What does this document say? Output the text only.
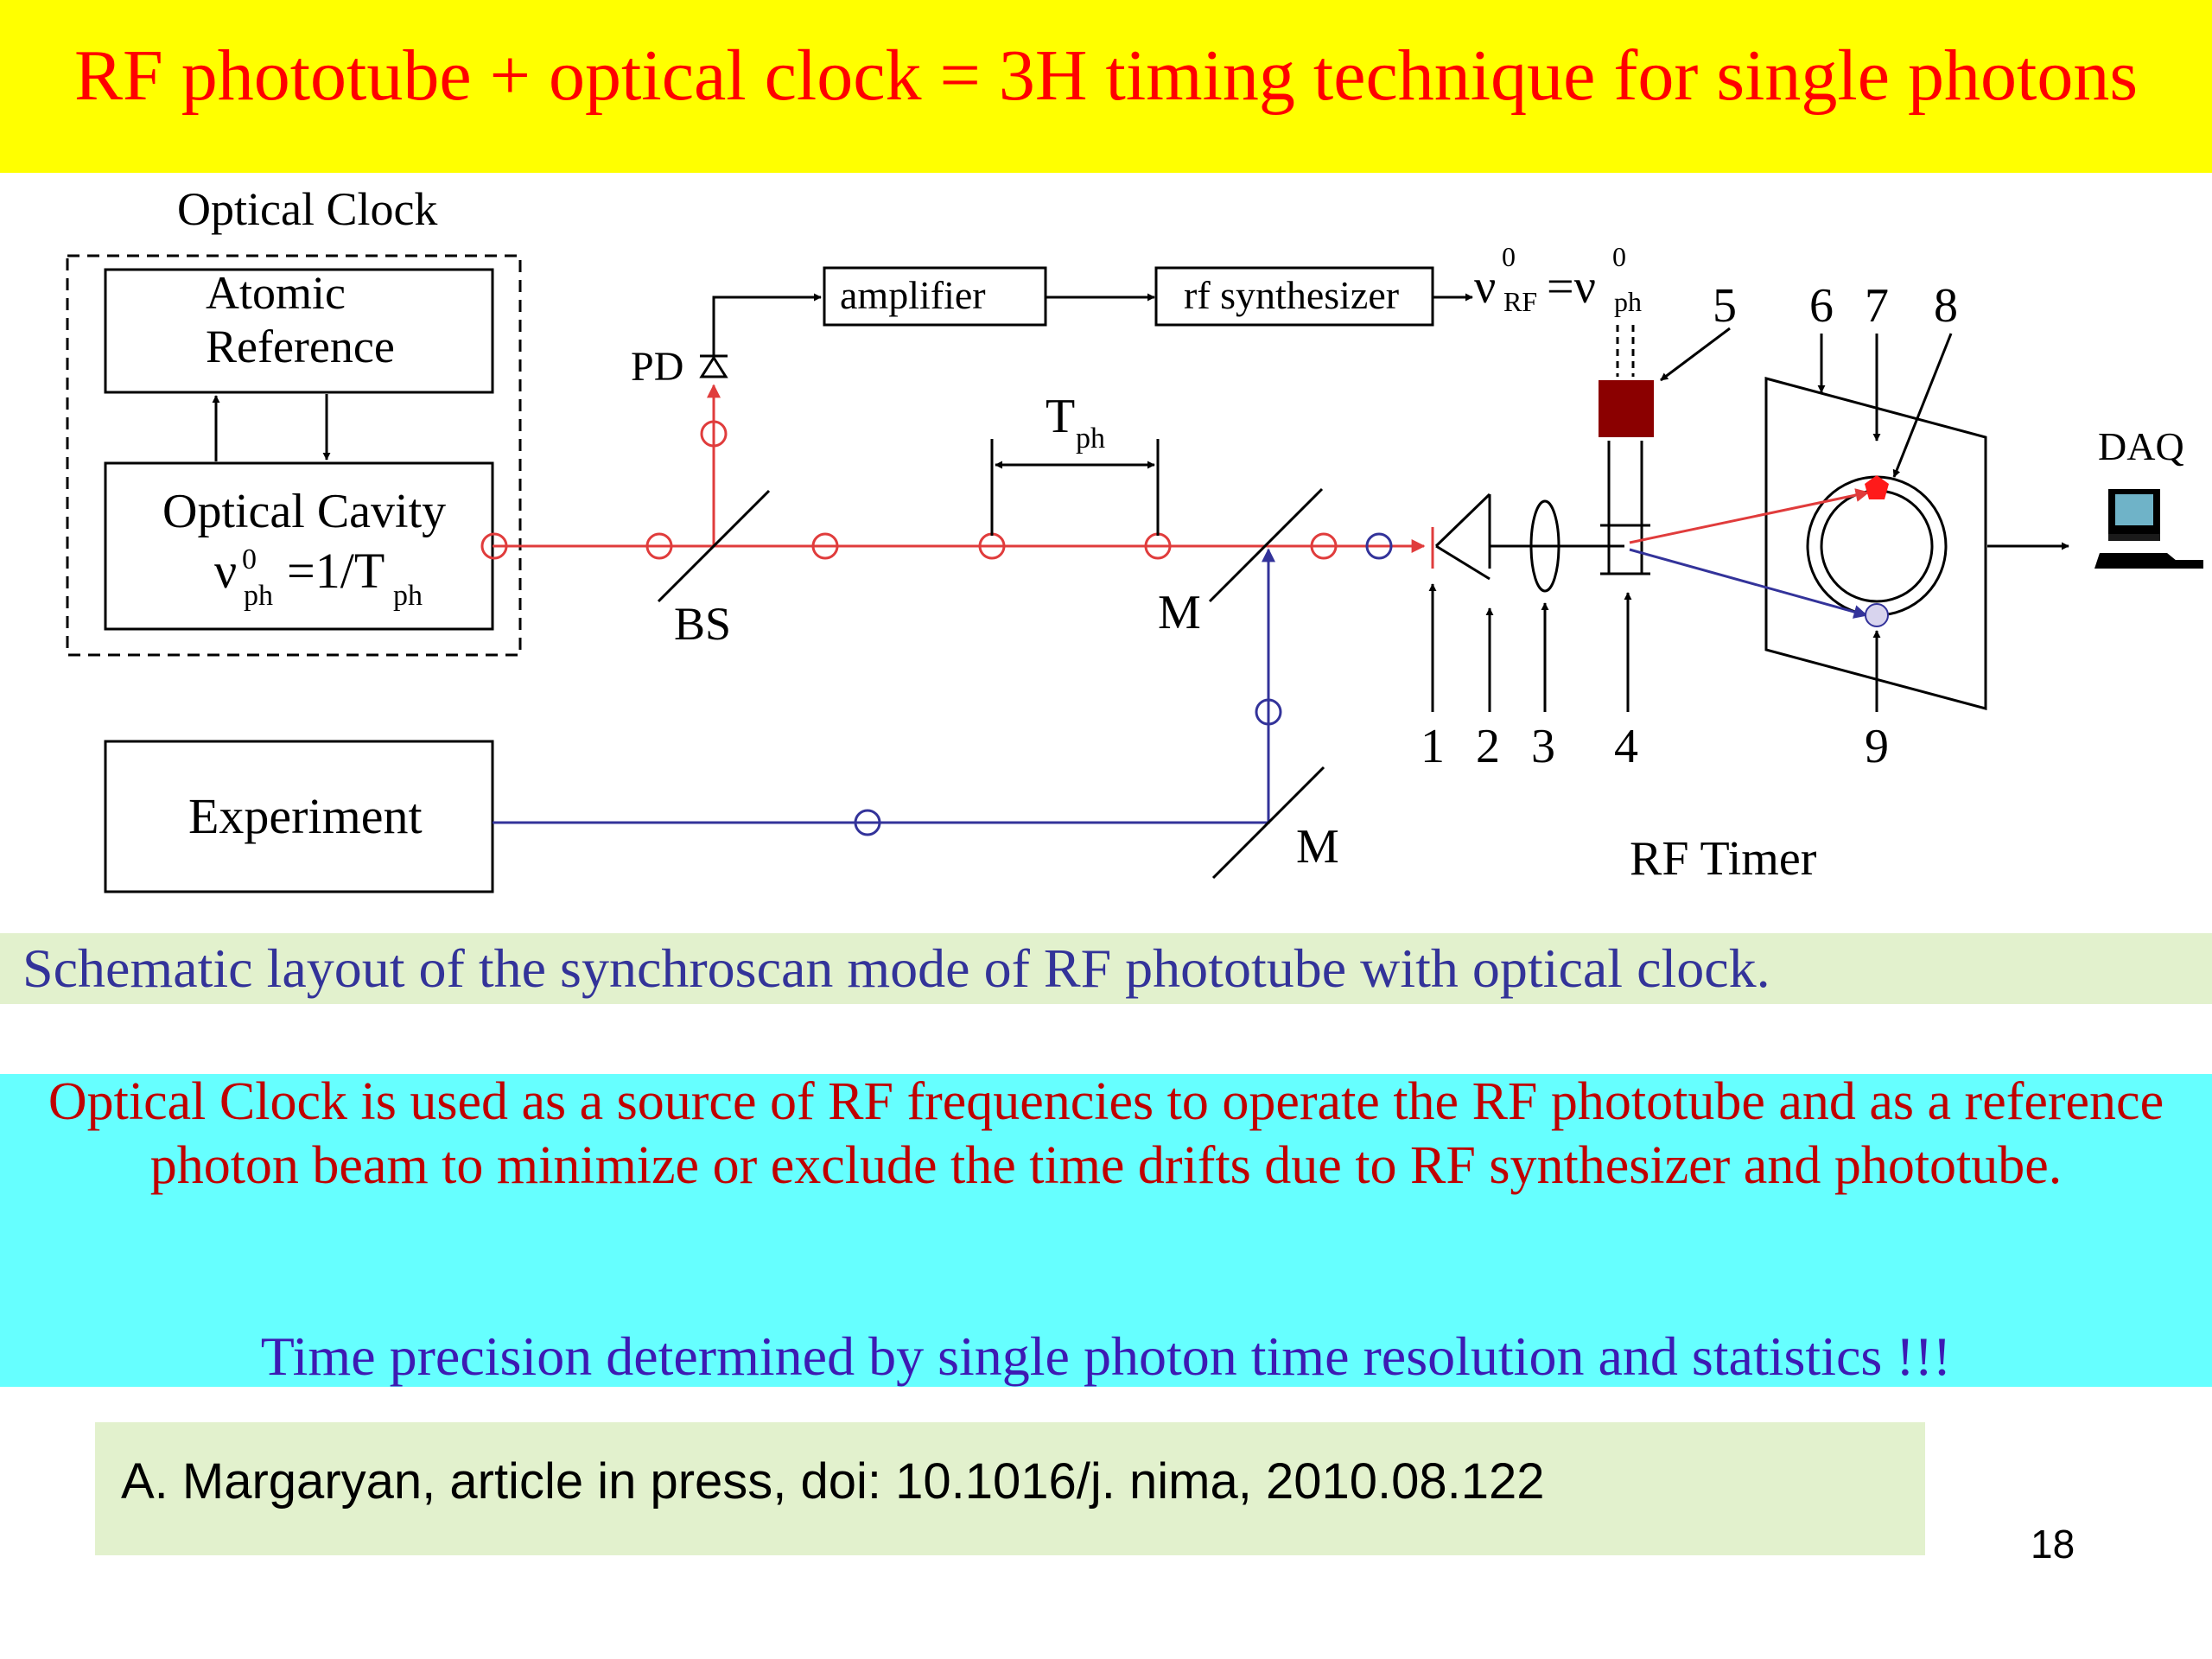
RF phototube + optical clock = 3H timing technique for single photons
Optical Clock
Atomic
Reference
Optical Cavity
ν 0
ph =1/T ph
BS	M
PD
amplifier	rf synthesizer ν
0
RF =ν
0
ph
T ph
Experiment
M
DAQ
1 2 3 4
5 6 7 8
9
RF Timer
Schematic layout of the synchroscan mode of RF phototube with optical clock.
Optical Clock is used as a source of RF frequencies to operate the RF phototube and as a reference photon beam to minimize or exclude the time drifts due to RF synthesizer and phototube.
Time precision determined by single photon time resolution and statistics !!!
A. Margaryan, article in press, doi: 10.1016/j. nima, 2010.08.122
18
